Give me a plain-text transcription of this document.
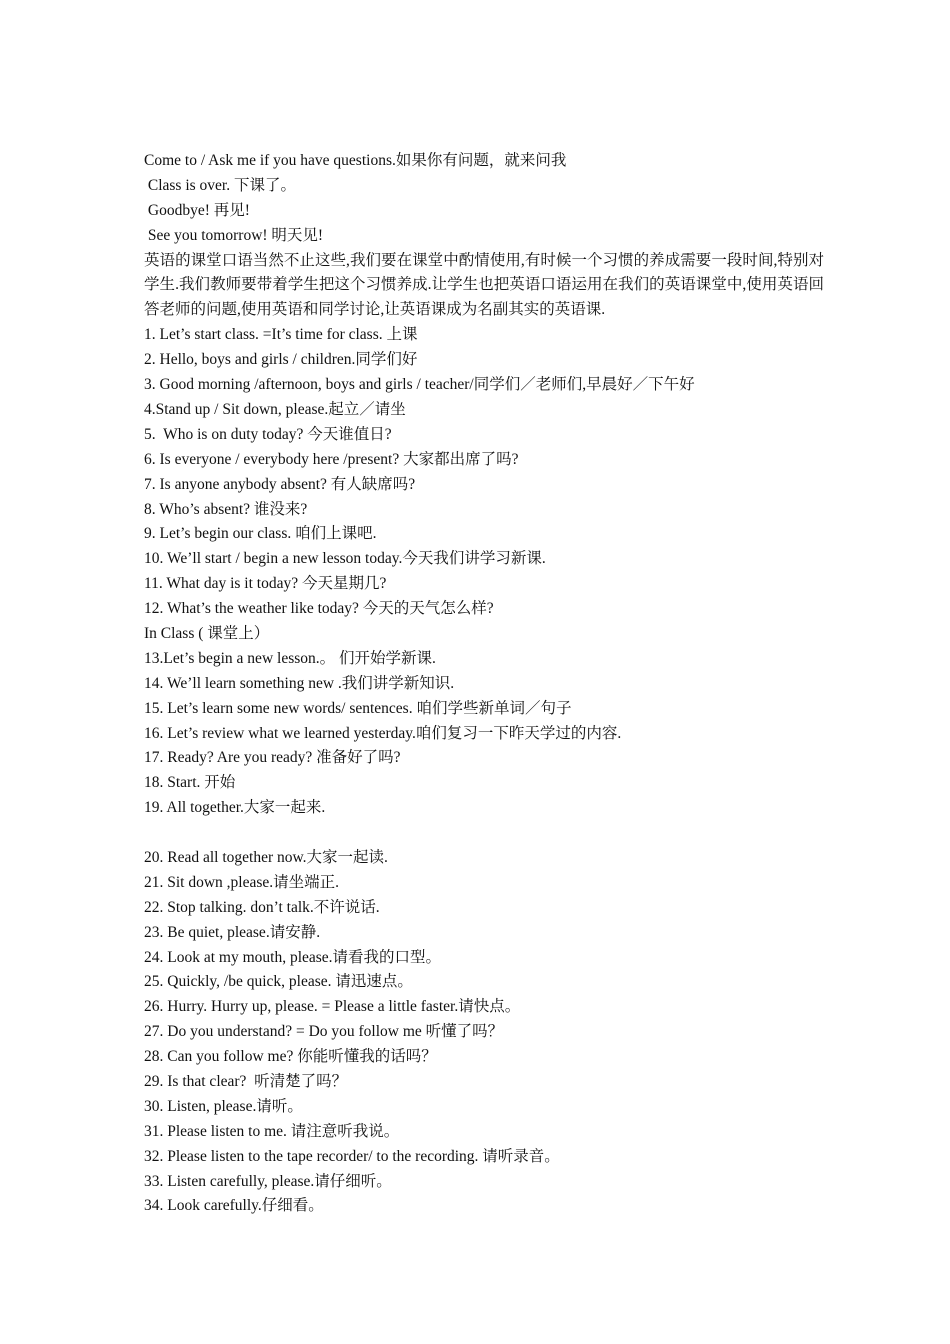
Come to / Ask me if you have questions.如果你有问题，就来问我
Class is over. 下课了。
Goodbye! 再见!
See you tomorrow! 明天见!
英语的课堂口语当然不止这些,我们要在课堂中酌情使用,有时候一个习惯的养成需要一段时间,特别对学生.我们教师要带着学生把这个习惯养成.让学生也把英语口语运用在我们的英语课堂中,使用英语回答老师的问题,使用英语和同学讨论,让英语课成为名副其实的英语课.
1. Let’s start class. =It’s time for class. 上课
2. Hello, boys and girls / children.同学们好
3. Good morning /afternoon, boys and girls / teacher/同学们／老师们,早晨好／下午好
4.Stand up / Sit down, please.起立／请坐
5.  Who is on duty today? 今天谁值日?
6. Is everyone / everybody here /present? 大家都出席了吗?
7. Is anyone anybody absent? 有人缺席吗?
8. Who’s absent? 谁没来?
9. Let’s begin our class. 咱们上课吧.
10. We’ll start / begin a new lesson today.今天我们讲学习新课.
11. What day is it today? 今天星期几?
12. What’s the weather like today? 今天的天气怎么样?
In Class ( 课堂上）
13.Let’s begin a new lesson.。 们开始学新课.
14. We’ll learn something new .我们讲学新知识.
15. Let’s learn some new words/ sentences. 咱们学些新单词／句子
16. Let’s review what we learned yesterday.咱们复习一下昨天学过的内容.
17. Ready? Are you ready? 准备好了吗?
18. Start. 开始
19. All together.大家一起来.
20. Read all together now.大家一起读.
21. Sit down ,please.请坐端正.
22. Stop talking. don’t talk.不许说话.
23. Be quiet, please.请安静.
24. Look at my mouth, please.请看我的口型。
25. Quickly, /be quick, please. 请迅速点。
26. Hurry. Hurry up, please. = Please a little faster.请快点。
27. Do you understand? = Do you follow me 听懂了吗？
28. Can you follow me? 你能听懂我的话吗？
29. Is that clear?  听清楚了吗？
30. Listen, please.请听。
31. Please listen to me. 请注意听我说。
32. Please listen to the tape recorder/ to the recording. 请听录音。
33. Listen carefully, please.请仔细听。
34. Look carefully.仔细看。
